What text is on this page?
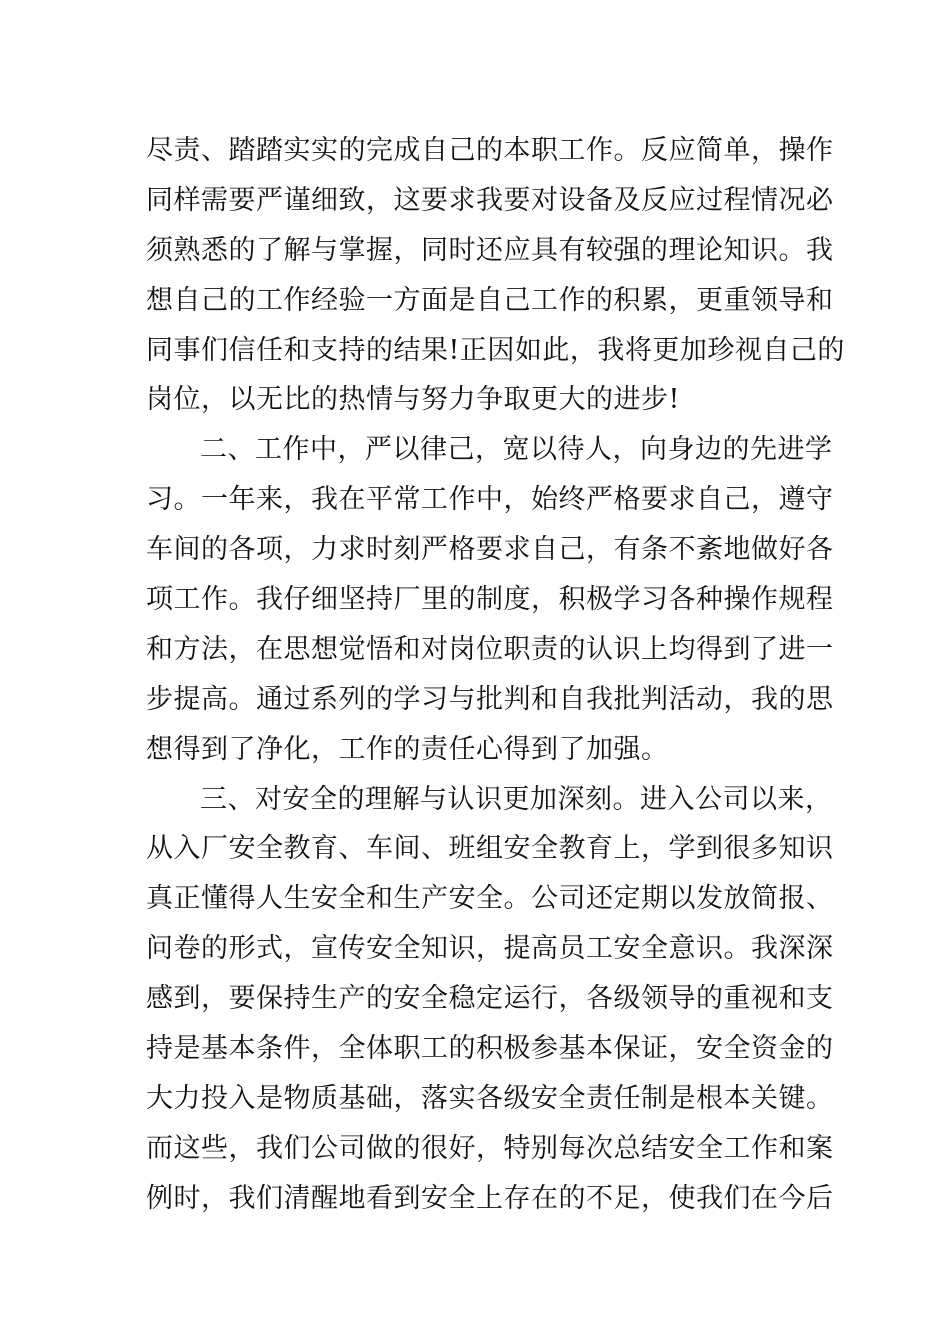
尽责、踏踏实实的完成自己的本职工作。反应简单，操作
同样需要严谨细致，这要求我要对设备及反应过程情况必
须熟悉的了解与掌握，同时还应具有较强的理论知识。我
想自己的工作经验一方面是自己工作的积累，更重领导和
同事们信任和支持的结果!正因如此，我将更加珍视自己的
岗位，以无比的热情与努力争取更大的进步!
二、工作中，严以律己，宽以待人，向身边的先进学
习。一年来，我在平常工作中，始终严格要求自己，遵守
车间的各项，力求时刻严格要求自己，有条不紊地做好各
项工作。我仔细坚持厂里的制度，积极学习各种操作规程
和方法，在思想觉悟和对岗位职责的认识上均得到了进一
步提高。通过系列的学习与批判和自我批判活动，我的思
想得到了净化，工作的责任心得到了加强。
三、对安全的理解与认识更加深刻。进入公司以来，
从入厂安全教育、车间、班组安全教育上，学到很多知识
真正懂得人生安全和生产安全。公司还定期以发放简报、
问卷的形式，宣传安全知识，提高员工安全意识。我深深
感到，要保持生产的安全稳定运行，各级领导的重视和支
持是基本条件，全体职工的积极参基本保证，安全资金的
大力投入是物质基础，落实各级安全责任制是根本关键。
而这些，我们公司做的很好，特别每次总结安全工作和案
例时，我们清醒地看到安全上存在的不足，使我们在今后
